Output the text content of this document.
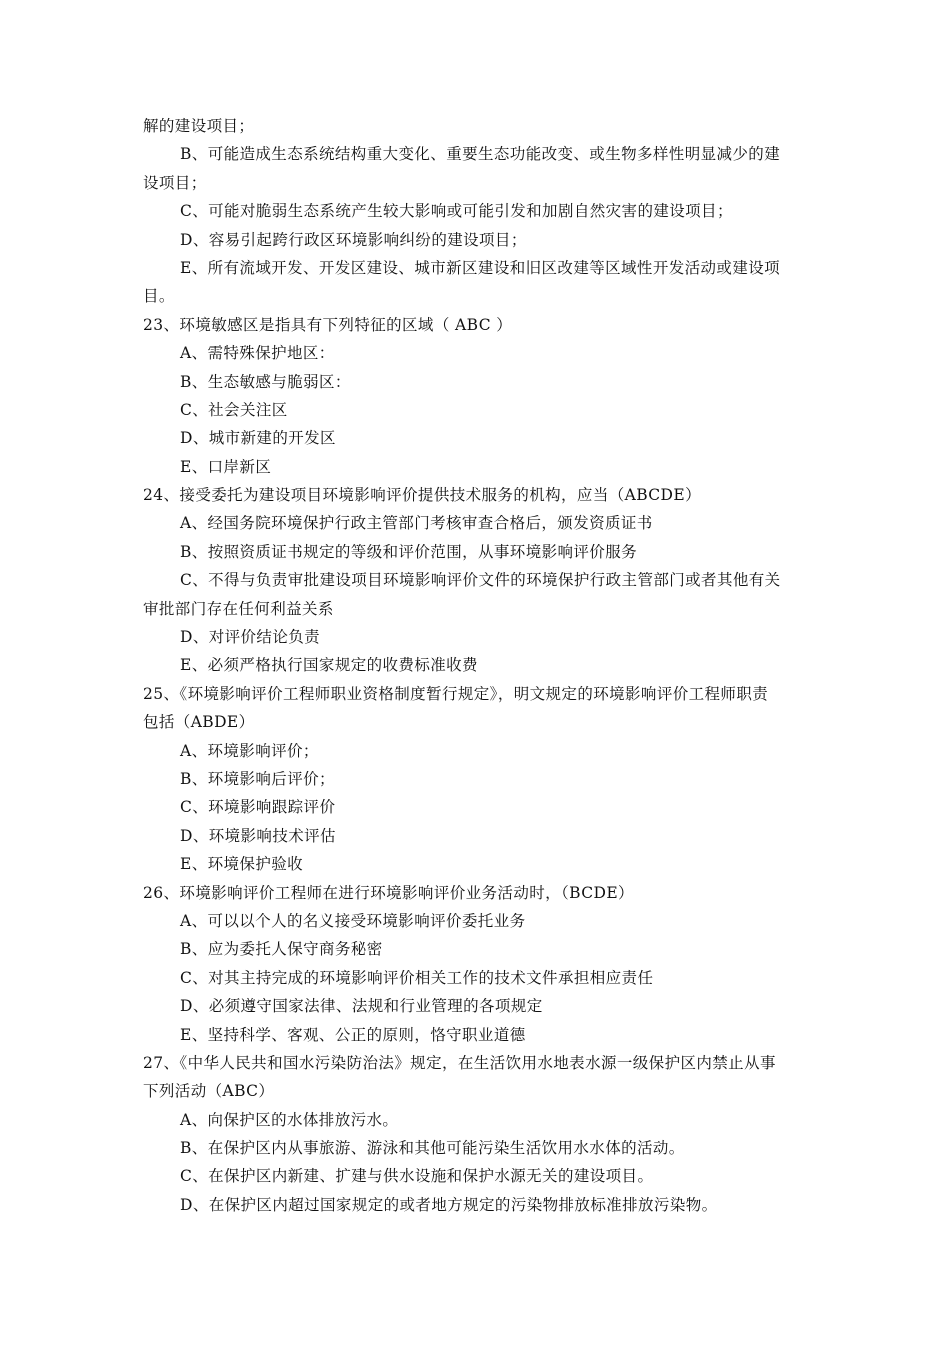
解的建设项目；
B、可能造成生态系统结构重大变化、重要生态功能改变、或生物多样性明显减少的建
设项目；
C、可能对脆弱生态系统产生较大影响或可能引发和加剧自然灾害的建设项目；
D、容易引起跨行政区环境影响纠纷的建设项目；
E、所有流域开发、开发区建设、城市新区建设和旧区改建等区域性开发活动或建设项
目。
23、环境敏感区是指具有下列特征的区域（ ABC ）
A、需特殊保护地区：
B、生态敏感与脆弱区：
C、社会关注区
D、城市新建的开发区
E、口岸新区
24、接受委托为建设项目环境影响评价提供技术服务的机构，应当（ABCDE）
A、经国务院环境保护行政主管部门考核审查合格后，颁发资质证书
B、按照资质证书规定的等级和评价范围，从事环境影响评价服务
C、不得与负责审批建设项目环境影响评价文件的环境保护行政主管部门或者其他有关
审批部门存在任何利益关系
D、对评价结论负责
E、必须严格执行国家规定的收费标准收费
25、《环境影响评价工程师职业资格制度暂行规定》，明文规定的环境影响评价工程师职责
包括（ABDE）
A、环境影响评价；
B、环境影响后评价；
C、环境影响跟踪评价
D、环境影响技术评估
E、环境保护验收
26、环境影响评价工程师在进行环境影响评价业务活动时，（BCDE）
A、可以以个人的名义接受环境影响评价委托业务
B、应为委托人保守商务秘密
C、对其主持完成的环境影响评价相关工作的技术文件承担相应责任
D、必须遵守国家法律、法规和行业管理的各项规定
E、坚持科学、客观、公正的原则，恪守职业道德
27、《中华人民共和国水污染防治法》规定，在生活饮用水地表水源一级保护区内禁止从事
下列活动（ABC）
A、向保护区的水体排放污水。
B、在保护区内从事旅游、游泳和其他可能污染生活饮用水水体的活动。
C、在保护区内新建、扩建与供水设施和保护水源无关的建设项目。
D、在保护区内超过国家规定的或者地方规定的污染物排放标准排放污染物。
